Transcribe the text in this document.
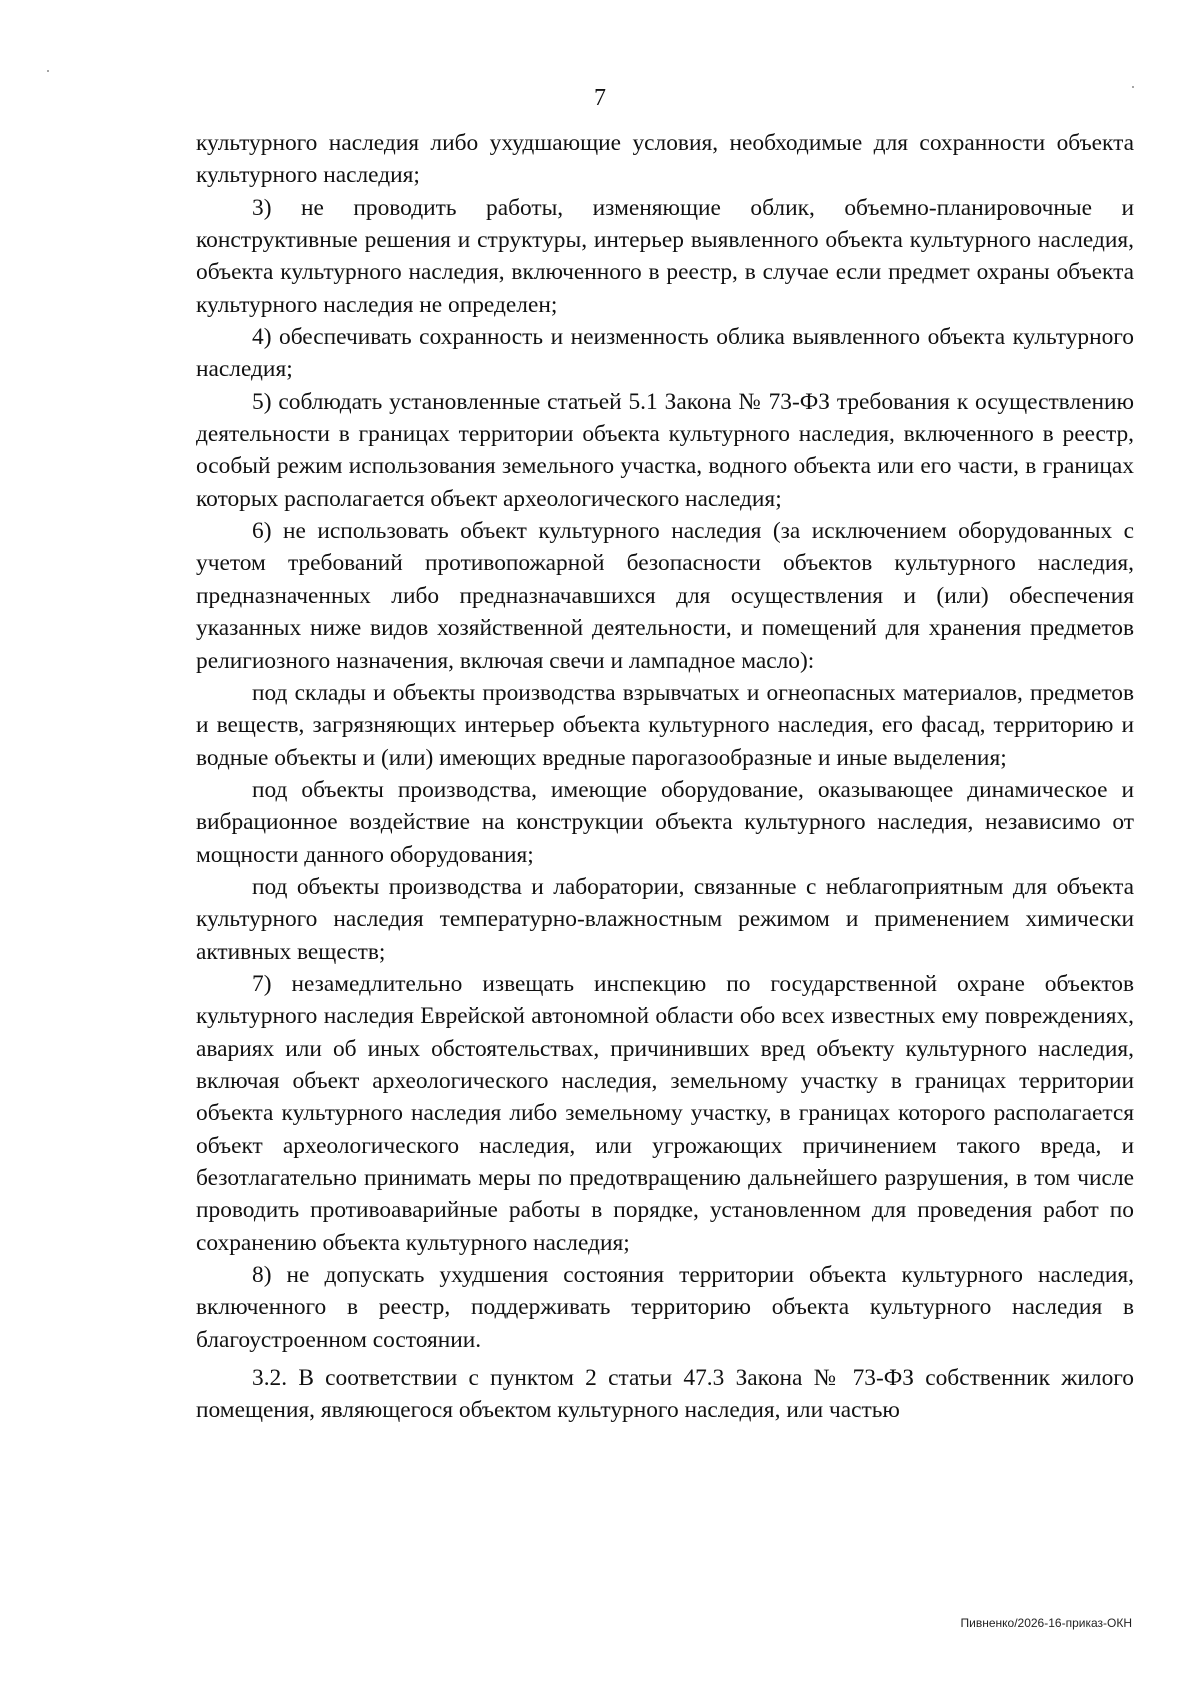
7

культурного наследия либо ухудшающие условия, необходимые для сохранности объекта культурного наследия;

3) не проводить работы, изменяющие облик, объемно-планировочные и конструктивные решения и структуры, интерьер выявленного объекта культурного наследия, объекта культурного наследия, включенного в реестр, в случае если предмет охраны объекта культурного наследия не определен;

4) обеспечивать сохранность и неизменность облика выявленного объекта культурного наследия;

5) соблюдать установленные статьей 5.1 Закона № 73-ФЗ требования к осуществлению деятельности в границах территории объекта культурного наследия, включенного в реестр, особый режим использования земельного участка, водного объекта или его части, в границах которых располагается объект археологического наследия;

6) не использовать объект культурного наследия (за исключением оборудованных с учетом требований противопожарной безопасности объектов культурного наследия, предназначенных либо предназначавшихся для осуществления и (или) обеспечения указанных ниже видов хозяйственной деятельности, и помещений для хранения предметов религиозного назначения, включая свечи и лампадное масло):

под склады и объекты производства взрывчатых и огнеопасных материалов, предметов и веществ, загрязняющих интерьер объекта культурного наследия, его фасад, территорию и водные объекты и (или) имеющих вредные парогазообразные и иные выделения;

под объекты производства, имеющие оборудование, оказывающее динамическое и вибрационное воздействие на конструкции объекта культурного наследия, независимо от мощности данного оборудования;

под объекты производства и лаборатории, связанные с неблагоприятным для объекта культурного наследия температурно-влажностным режимом и применением химически активных веществ;

7) незамедлительно извещать инспекцию по государственной охране объектов культурного наследия Еврейской автономной области обо всех известных ему повреждениях, авариях или об иных обстоятельствах, причинивших вред объекту культурного наследия, включая объект археологического наследия, земельному участку в границах территории объекта культурного наследия либо земельному участку, в границах которого располагается объект археологического наследия, или угрожающих причинением такого вреда, и безотлагательно принимать меры по предотвращению дальнейшего разрушения, в том числе проводить противоаварийные работы в порядке, установленном для проведения работ по сохранению объекта культурного наследия;

8) не допускать ухудшения состояния территории объекта культурного наследия, включенного в реестр, поддерживать территорию объекта культурного наследия в благоустроенном состоянии.

3.2. В соответствии с пунктом 2 статьи 47.3 Закона № 73-ФЗ собственник жилого помещения, являющегося объектом культурного наследия, или частью

Пивненко/2026-16-приказ-ОКН
